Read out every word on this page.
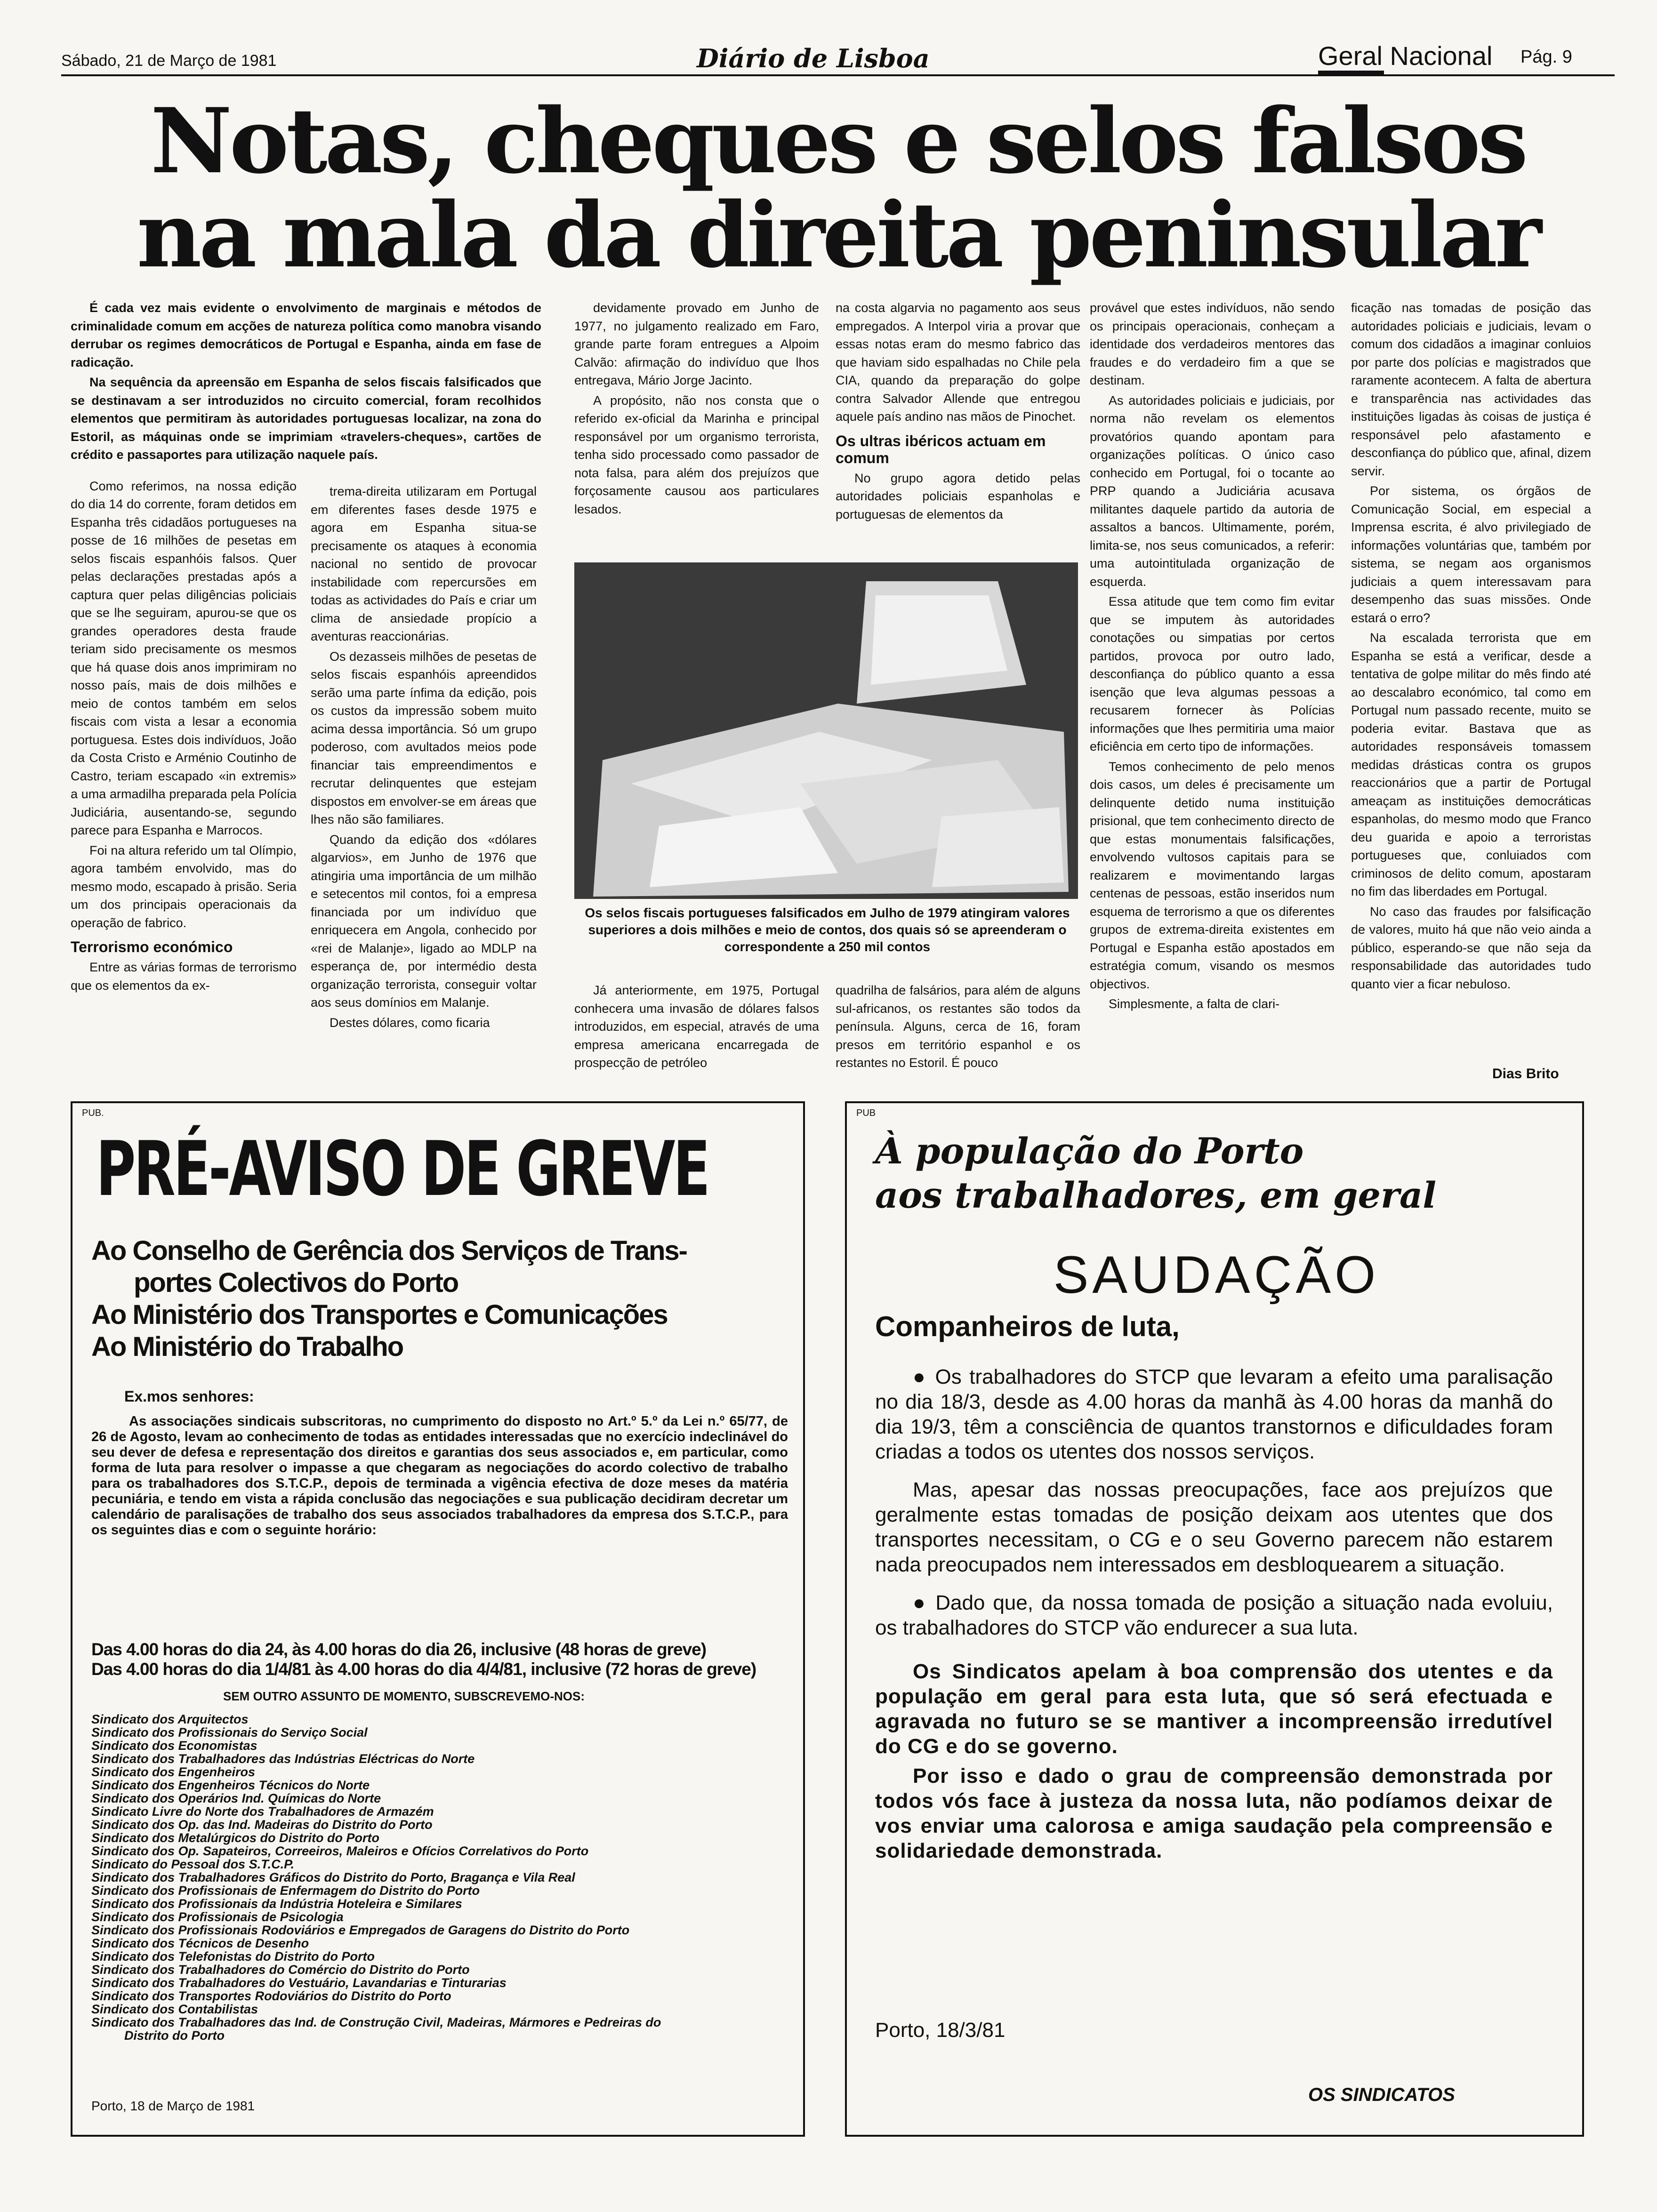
Sábado, 21 de Março de 1981	Diário de Lisboa	Geral Nacional Pág. 9
Notas, cheques e selos falsos
na mala da direita peninsular

É cada vez mais evidente o envolvimento de marginais e métodos de criminalidade comum em acções de natureza política como manobra visando derrubar os regimes democráticos de Portugal e Espanha, ainda em fase de radicação.

Na sequência da apreensão em Espanha de selos fiscais falsificados que se destinavam a ser introduzidos no circuito comercial, foram recolhidos elementos que permitiram às autoridades portuguesas localizar, na zona do Estoril, as máquinas onde se imprimiam «travelers-cheques», cartões de crédito e passaportes para utilização naquele país.

Como referimos, na nossa edição do dia 14 do corrente, foram detidos em Espanha três cidadãos portugueses na posse de 16 milhões de pesetas em selos fiscais espanhóis falsos. Quer pelas declarações prestadas após a captura quer pelas diligências policiais que se lhe seguiram, apurou-se que os grandes operadores desta fraude teriam sido precisamente os mesmos que há quase dois anos imprimiram no nosso país, mais de dois milhões e meio de contos também em selos fiscais com vista a lesar a economia portuguesa. Estes dois indivíduos, João da Costa Cristo e Arménio Coutinho de Castro, teriam escapado «in extremis» a uma armadilha preparada pela Polícia Judiciária, ausentando-se, segundo parece para Espanha e Marrocos.

Foi na altura referido um tal Olímpio, agora também envolvido, mas do mesmo modo, escapado à prisão. Seria um dos principais operacionais da operação de fabrico.

Terrorismo económico

Entre as várias formas de terrorismo que os elementos da ex-

trema-direita utilizaram em Portugal em diferentes fases desde 1975 e agora em Espanha situa-se precisamente os ataques à economia nacional no sentido de provocar instabilidade com repercursões em todas as actividades do País e criar um clima de ansiedade propício a aventuras reaccionárias.

Os dezasseis milhões de pesetas de selos fiscais espanhóis apreendidos serão uma parte ínfima da edição, pois os custos da impressão sobem muito acima dessa importância. Só um grupo poderoso, com avultados meios pode financiar tais empreendimentos e recrutar delinquentes que estejam dispostos em envolver-se em áreas que lhes não são familiares.

Quando da edição dos «dólares algarvios», em Junho de 1976 que atingiria uma importância de um milhão e setecentos mil contos, foi a empresa financiada por um indivíduo que enriquecera em Angola, conhecido por «rei de Malanje», ligado ao MDLP na esperança de, por intermédio desta organização terrorista, conseguir voltar aos seus domínios em Malanje.

Destes dólares, como ficaria

devidamente provado em Junho de 1977, no julgamento realizado em Faro, grande parte foram entregues a Alpoim Calvão: afirmação do indivíduo que lhos entregava, Mário Jorge Jacinto.

A propósito, não nos consta que o referido ex-oficial da Marinha e principal responsável por um organismo terrorista, tenha sido processado como passador de nota falsa, para além dos prejuízos que forçosamente causou aos particulares lesados.

na costa algarvia no pagamento aos seus empregados. A Interpol viria a provar que essas notas eram do mesmo fabrico das que haviam sido espalhadas no Chile pela CIA, quando da preparação do golpe contra Salvador Allende que entregou aquele país andino nas mãos de Pinochet.

Os ultras ibéricos actuam em comum

No grupo agora detido pelas autoridades policiais espanholas e portuguesas de elementos da

Os selos fiscais portugueses falsificados em Julho de 1979 atingiram valores superiores a dois milhões e meio de contos, dos quais só se apreenderam o correspondente a 250 mil contos

Já anteriormente, em 1975, Portugal conhecera uma invasão de dólares falsos introduzidos, em especial, através de uma empresa americana encarregada de prospecção de petróleo

quadrilha de falsários, para além de alguns sul-africanos, os restantes são todos da península. Alguns, cerca de 16, foram presos em território espanhol e os restantes no Estoril. É pouco

provável que estes indivíduos, não sendo os principais operacionais, conheçam a identidade dos verdadeiros mentores das fraudes e do verdadeiro fim a que se destinam.

As autoridades policiais e judiciais, por norma não revelam os elementos provatórios quando apontam para organizações políticas. O único caso conhecido em Portugal, foi o tocante ao PRP quando a Judiciária acusava militantes daquele partido da autoria de assaltos a bancos. Ultimamente, porém, limita-se, nos seus comunicados, a referir: uma autointitulada organização de esquerda.

Essa atitude que tem como fim evitar que se imputem às autoridades conotações ou simpatias por certos partidos, provoca por outro lado, desconfiança do público quanto a essa isenção que leva algumas pessoas a recusarem fornecer às Polícias informações que lhes permitiria uma maior eficiência em certo tipo de informações.

Temos conhecimento de pelo menos dois casos, um deles é precisamente um delinquente detido numa instituição prisional, que tem conhecimento directo de que estas monumentais falsificações, envolvendo vultosos capitais para se realizarem e movimentando largas centenas de pessoas, estão inseridos num esquema de terrorismo a que os diferentes grupos de extrema-direita existentes em Portugal e Espanha estão apostados em estratégia comum, visando os mesmos objectivos.

Simplesmente, a falta de clari-

ficação nas tomadas de posição das autoridades policiais e judiciais, levam o comum dos cidadãos a imaginar conluios por parte dos polícias e magistrados que raramente acontecem. A falta de abertura e transparência nas actividades das instituições ligadas às coisas de justiça é responsável pelo afastamento e desconfiança do público que, afinal, dizem servir.

Por sistema, os órgãos de Comunicação Social, em especial a Imprensa escrita, é alvo privilegiado de informações voluntárias que, também por sistema, se negam aos organismos judiciais a quem interessavam para desempenho das suas missões. Onde estará o erro?

Na escalada terrorista que em Espanha se está a verificar, desde a tentativa de golpe militar do mês findo até ao descalabro económico, tal como em Portugal num passado recente, muito se poderia evitar. Bastava que as autoridades responsáveis tomassem medidas drásticas contra os grupos reaccionários que a partir de Portugal ameaçam as instituições democráticas espanholas, do mesmo modo que Franco deu guarida e apoio a terroristas portugueses que, conluiados com criminosos de delito comum, apostaram no fim das liberdades em Portugal.

No caso das fraudes por falsificação de valores, muito há que não veio ainda a público, esperando-se que não seja da responsabilidade das autoridades tudo quanto vier a ficar nebuloso.

Dias Brito
PUB.
PRÉ-AVISO DE GREVE
Ao Conselho de Gerência dos Serviços de Trans-
portes Colectivos do Porto
Ao Ministério dos Transportes e Comunicações
Ao Ministério do Trabalho
Ex.mos senhores:
As associações sindicais subscritoras, no cumprimento do disposto no Art.º 5.º da Lei n.º 65/77, de 26 de Agosto, levam ao conhecimento de todas as entidades interessadas que no exercício indeclinável do seu dever de defesa e representação dos direitos e garantias dos seus associados e, em particular, como forma de luta para resolver o impasse a que chegaram as negociações do acordo colectivo de trabalho para os trabalhadores dos S.T.C.P., depois de terminada a vigência efectiva de doze meses da matéria pecuniária, e tendo em vista a rápida conclusão das negociações e sua publicação decidiram decretar um calendário de paralisações de trabalho dos seus associados trabalhadores da empresa dos S.T.C.P., para os seguintes dias e com o seguinte horário:
Das 4.00 horas do dia 24, às 4.00 horas do dia 26, inclusive (48 horas de greve)
Das 4.00 horas do dia 1/4/81 às 4.00 horas do dia 4/4/81, inclusive (72 horas de greve)
SEM OUTRO ASSUNTO DE MOMENTO, SUBSCREVEMO-NOS:
Sindicato dos Arquitectos
Sindicato dos Profissionais do Serviço Social
Sindicato dos Economistas
Sindicato dos Trabalhadores das Indústrias Eléctricas do Norte
Sindicato dos Engenheiros
Sindicato dos Engenheiros Técnicos do Norte
Sindicato dos Operários Ind. Químicas do Norte
Sindicato Livre do Norte dos Trabalhadores de Armazém
Sindicato dos Op. das Ind. Madeiras do Distrito do Porto
Sindicato dos Metalúrgicos do Distrito do Porto
Sindicato dos Op. Sapateiros, Correeiros, Maleiros e Ofícios Correlativos do Porto
Sindicato do Pessoal dos S.T.C.P.
Sindicato dos Trabalhadores Gráficos do Distrito do Porto, Bragança e Vila Real
Sindicato dos Profissionais de Enfermagem do Distrito do Porto
Sindicato dos Profissionais da Indústria Hoteleira e Similares
Sindicato dos Profissionais de Psicologia
Sindicato dos Profissionais Rodoviários e Empregados de Garagens do Distrito do Porto
Sindicato dos Técnicos de Desenho
Sindicato dos Telefonistas do Distrito do Porto
Sindicato dos Trabalhadores do Comércio do Distrito do Porto
Sindicato dos Trabalhadores do Vestuário, Lavandarias e Tinturarias
Sindicato dos Transportes Rodoviários do Distrito do Porto
Sindicato dos Contabilistas
Sindicato dos Trabalhadores das Ind. de Construção Civil, Madeiras, Mármores e Pedreiras do
Distrito do Porto
Porto, 18 de Março de 1981
PUB
À população do Porto
aos trabalhadores, em geral
SAUDAÇÃO
Companheiros de luta,

● Os trabalhadores do STCP que levaram a efeito uma paralisação no dia 18/3, desde as 4.00 horas da manhã às 4.00 horas da manhã do dia 19/3, têm a consciência de quantos transtornos e dificuldades foram criadas a todos os utentes dos nossos serviços.

Mas, apesar das nossas preocupações, face aos prejuízos que geralmente estas tomadas de posição deixam aos utentes que dos transportes necessitam, o CG e o seu Governo parecem não estarem nada preocupados nem interessados em desbloquearem a situação.

● Dado que, da nossa tomada de posição a situação nada evoluiu, os trabalhadores do STCP vão endurecer a sua luta.

Os Sindicatos apelam à boa comprensão dos utentes e da população em geral para esta luta, que só será efectuada e agravada no futuro se se mantiver a incompreensão irredutível do CG e do se governo.

Por isso e dado o grau de compreensão demonstrada por todos vós face à justeza da nossa luta, não podíamos deixar de vos enviar uma calorosa e amiga saudação pela compreensão e solidariedade demonstrada.

Porto, 18/3/81
OS SINDICATOS
